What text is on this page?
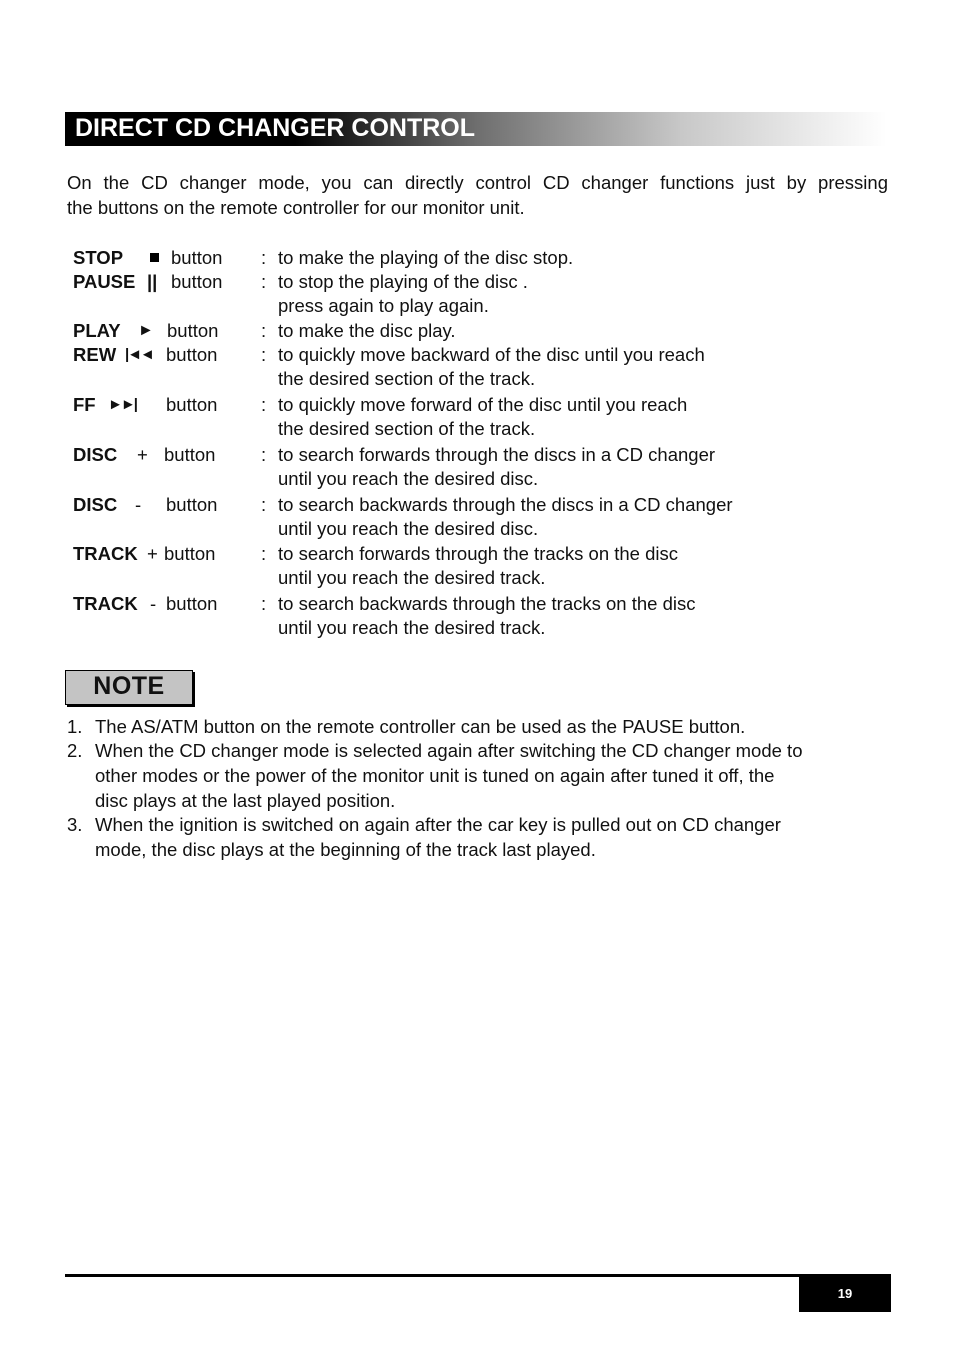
DIRECT CD CHANGER CONTROL
On the CD changer mode, you can directly control CD changer functions just by pressing
the buttons on the remote controller for our monitor unit.
STOP	button : to make the playing of the disc stop.
PAUSE || button : to stop the playing of the disc .
press again to play again.
PLAY ► button : to make the disc play.
REW |◄◄ button : to quickly move backward of the disc until you reach
the desired section of the track.
FF ►►| button : to quickly move forward of the disc until you reach
the desired section of the track.
DISC + button : to search forwards through the discs in a CD changer
until you reach the desired disc.
DISC - button : to search backwards through the discs in a CD changer
until you reach the desired disc.
TRACK + button : to search forwards through the tracks on the disc
until you reach the desired track.
TRACK - button : to search backwards through the tracks on the disc
until you reach the desired track.
NOTE
1. The AS/ATM button on the remote controller can be used as the PAUSE button.
2. When the CD changer mode is selected again after switching the CD changer mode to
other modes or the power of the monitor unit is tuned on again after tuned it off, the
disc plays at the last played position.
3. When the ignition is switched on again after the car key is pulled out on CD changer
mode, the disc plays at the beginning of the track last played.
19
